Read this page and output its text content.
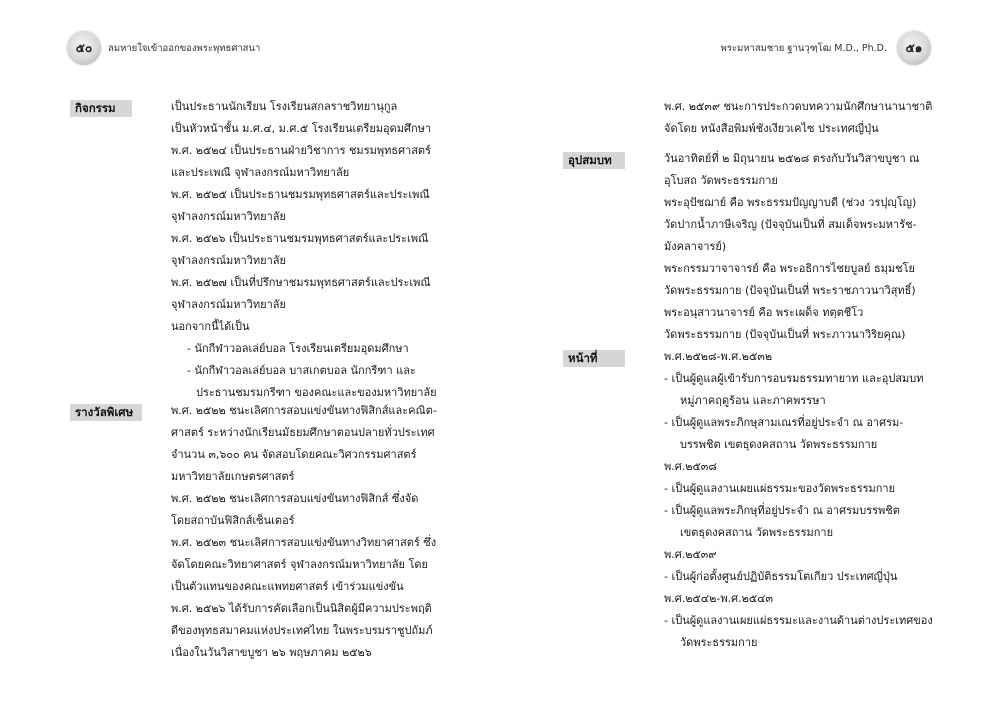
๕๐	ลมหายใจเข้าออกของพระพุทธศาสนา	พระมหาสมชาย ฐานวุฑฺโฒ M.D., Ph.D.	๕๑
กิจกรรม	เป็นประธานนักเรียน โรงเรียนสกลราชวิทยานุกูล
เป็นหัวหน้าชั้น ม.ศ.๔, ม.ศ.๕ โรงเรียนเตรียมอุดมศึกษา
พ.ศ. ๒๕๒๔ เป็นประธานฝ่ายวิชาการ ชมรมพุทธศาสตร์
และประเพณี จุฬาลงกรณ์มหาวิทยาลัย
พ.ศ. ๒๕๒๕ เป็นประธานชมรมพุทธศาสตร์และประเพณี
จุฬาลงกรณ์มหาวิทยาลัย
พ.ศ. ๒๕๒๖ เป็นประธานชมรมพุทธศาสตร์และประเพณี
จุฬาลงกรณ์มหาวิทยาลัย
พ.ศ. ๒๕๒๗ เป็นที่ปรึกษาชมรมพุทธศาสตร์และประเพณี
จุฬาลงกรณ์มหาวิทยาลัย
นอกจากนี้ได้เป็น
- นักกีฬาวอลเล่ย์บอล โรงเรียนเตรียมอุดมศึกษา
- นักกีฬาวอลเล่ย์บอล บาสเกตบอล นักกรีฑา และ
ประธานชมรมกรีฑา ของคณะและของมหาวิทยาลัย
รางวัลพิเศษ	พ.ศ. ๒๕๒๒ ชนะเลิศการสอบแข่งขันทางฟิสิกส์และคณิต-
ศาสตร์ ระหว่างนักเรียนมัธยมศึกษาตอนปลายทั่วประเทศ
จำนวน ๓,๖๐๐ คน จัดสอบโดยคณะวิศวกรรมศาสตร์
มหาวิทยาลัยเกษตรศาสตร์
พ.ศ. ๒๕๒๒ ชนะเลิศการสอบแข่งขันทางฟิสิกส์ ซึ่งจัด
โดยสถาบันฟิสิกส์เซ็นเตอร์
พ.ศ. ๒๕๒๓ ชนะเลิศการสอบแข่งขันทางวิทยาศาสตร์ ซึ่ง
จัดโดยคณะวิทยาศาสตร์ จุฬาลงกรณ์มหาวิทยาลัย โดย
เป็นตัวแทนของคณะแพทยศาสตร์ เข้าร่วมแข่งขัน
พ.ศ. ๒๕๒๖ ได้รับการคัดเลือกเป็นนิสิตผู้มีความประพฤติ
ดีของพุทธสมาคมแห่งประเทศไทย ในพระบรมราชูปถัมภ์
เนื่องในวันวิสาขบูชา ๒๖ พฤษภาคม ๒๕๒๖
พ.ศ. ๒๕๓๙ ชนะการประกวดบทความนักศึกษานานาชาติ
จัดโดย หนังสือพิมพ์ชังเงียวเคไซ ประเทศญี่ปุ่น
อุปสมบท	วันอาทิตย์ที่ ๒ มิถุนายน ๒๕๒๘ ตรงกับวันวิสาขบูชา ณ
อุโบสถ วัดพระธรรมกาย
พระอุปัชฌาย์ คือ พระธรรมปัญญาบดี (ช่วง วรปุญฺโญ)
วัดปากน้ำภาษีเจริญ (ปัจจุบันเป็นที่ สมเด็จพระมหารัช-
มังคลาจารย์)
พระกรรมวาจาจารย์ คือ พระอธิการไชยบูลย์ ธมฺมชโย
วัดพระธรรมกาย (ปัจจุบันเป็นที่ พระราชภาวนาวิสุทธิ์)
พระอนุสาวนาจารย์ คือ พระเผด็จ ทตฺตชีโว
วัดพระธรรมกาย (ปัจจุบันเป็นที่ พระภาวนาวิริยคุณ)
หน้าที่	พ.ศ.๒๕๒๘-พ.ศ.๒๕๓๒
- เป็นผู้ดูแลผู้เข้ารับการอบรมธรรมทายาท และอุปสมบท
หมู่ภาคฤดูร้อน และภาคพรรษา
- เป็นผู้ดูแลพระภิกษุสามเณรที่อยู่ประจำ ณ อาศรม-
บรรพชิต เขตธุดงคสถาน วัดพระธรรมกาย
พ.ศ.๒๕๓๘
- เป็นผู้ดูแลงานเผยแผ่ธรรมะของวัดพระธรรมกาย
- เป็นผู้ดูแลพระภิกษุที่อยู่ประจำ ณ อาศรมบรรพชิต
เขตธุดงคสถาน วัดพระธรรมกาย
พ.ศ.๒๕๓๙
- เป็นผู้ก่อตั้งศูนย์ปฏิบัติธรรมโตเกียว ประเทศญี่ปุ่น
พ.ศ.๒๕๔๒-พ.ศ.๒๕๔๓
- เป็นผู้ดูแลงานเผยแผ่ธรรมะและงานด้านต่างประเทศของ
วัดพระธรรมกาย
